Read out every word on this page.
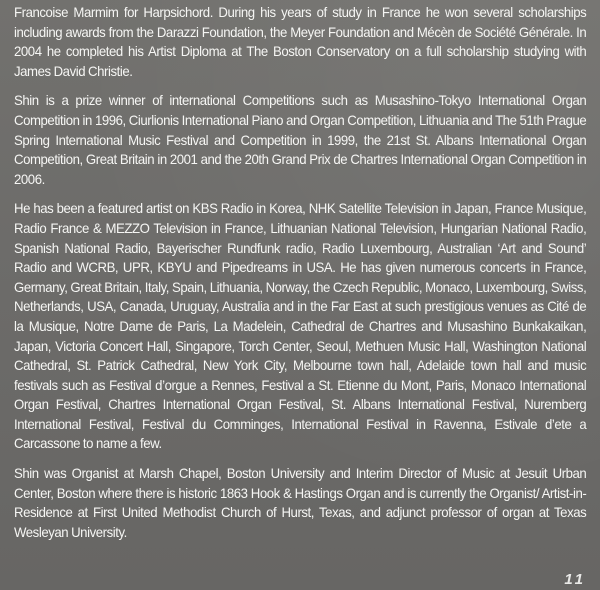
Francoise Marmim for Harpsichord. During his years of study in France he won several scholarships including awards from the Darazzi Foundation, the Meyer Foundation and Mécèn de Société Générale. In 2004 he completed his Artist Diploma at The Boston Conservatory on a full scholarship studying with James David Christie.

Shin is a prize winner of international Competitions such as Musashino-Tokyo International Organ Competition in 1996, Ciurlionis International Piano and Organ Competition, Lithuania and The 51th Prague Spring International Music Festival and Competition in 1999, the 21st St. Albans International Organ Competition, Great Britain in 2001 and the 20th Grand Prix de Chartres International Organ Competition in 2006.

He has been a featured artist on KBS Radio in Korea, NHK Satellite Television in Japan, France Musique, Radio France & MEZZO Television in France, Lithuanian National Television, Hungarian National Radio, Spanish National Radio, Bayerischer Rundfunk radio, Radio Luxembourg, Australian ‘Art and Sound’ Radio and WCRB, UPR, KBYU and Pipedreams in USA. He has given numerous concerts in France, Germany, Great Britain, Italy, Spain, Lithuania, Norway, the Czech Republic, Monaco, Luxembourg, Swiss, Netherlands, USA, Canada, Uruguay, Australia and in the Far East at such prestigious venues as Cité de la Musique, Notre Dame de Paris, La Madelein, Cathedral de Chartres and Musashino Bunkakaikan, Japan, Victoria Concert Hall, Singapore, Torch Center, Seoul, Methuen Music Hall, Washington National Cathedral, St. Patrick Cathedral, New York City, Melbourne town hall, Adelaide town hall and music festivals such as Festival d’orgue a Rennes, Festival a St. Etienne du Mont, Paris, Monaco International Organ Festival, Chartres International Organ Festival, St. Albans International Festival, Nuremberg International Festival, Festival du Comminges, International Festival in Ravenna, Estivale d’ete a Carcassone to name a few.

Shin was Organist at Marsh Chapel, Boston University and Interim Director of Music at Jesuit Urban Center, Boston where there is historic 1863 Hook & Hastings Organ and is currently the Organist/ Artist-in-Residence at First United Methodist Church of Hurst, Texas, and adjunct professor of organ at Texas Wesleyan University.

11
